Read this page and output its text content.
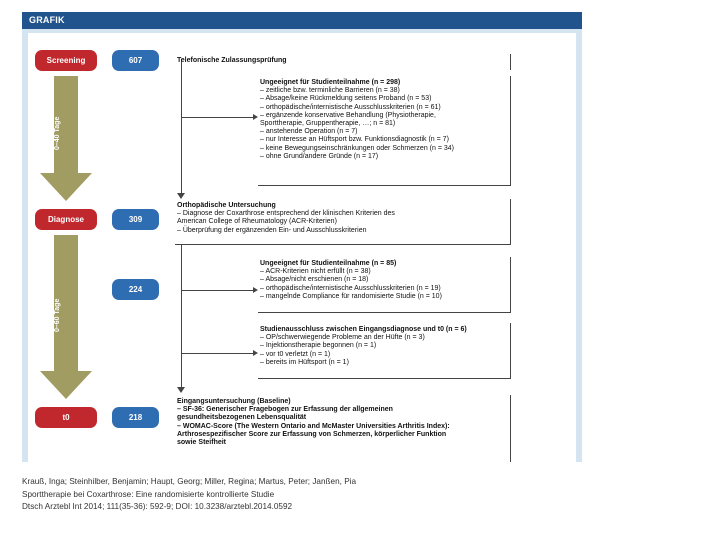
GRAFIK
Screening
Diagnose
t0
607
309
224
218
0–40 Tage
0–60 Tage
Telefonische Zulassungsprüfung
Ungeeignet für Studienteilnahme (n = 298)
– zeitliche bzw. terminliche Barrieren (n = 38)
– Absage/keine Rückmeldung seitens Proband (n = 53)
– orthopädische/internistische Ausschlusskriterien (n = 61)
– ergänzende konservative Behandlung (Physiotherapie,
Sporttherapie, Gruppentherapie, …; n = 81)
– anstehende Operation (n = 7)
– nur Interesse an Hüftsport bzw. Funktionsdiagnostik (n = 7)
– keine Bewegungseinschränkungen oder Schmerzen (n = 34)
– ohne Grund/andere Gründe (n = 17)
Orthopädische Untersuchung
– Diagnose der Coxarthrose entsprechend der klinischen Kriterien des
American College of Rheumatology (ACR-Kriterien)
– Überprüfung der ergänzenden Ein- und Ausschlusskriterien
Ungeeignet für Studienteilnahme (n = 85)
– ACR-Kriterien nicht erfüllt (n = 38)
– Absage/nicht erschienen (n = 18)
– orthopädische/internistische Ausschlusskriterien (n = 19)
– mangelnde Compliance für randomisierte Studie (n = 10)
Studienausschluss zwischen Eingangsdiagnose und t0 (n = 6)
– OP/schwerwiegende Probleme an der Hüfte (n = 3)
– Injektionstherapie begonnen (n = 1)
– vor t0 verletzt (n = 1)
– bereits im Hüftsport (n = 1)
Eingangsuntersuchung (Baseline)
– SF-36: Generischer Fragebogen zur Erfassung der allgemeinen
gesundheitsbezogenen Lebensqualität
– WOMAC-Score (The Western Ontario and McMaster Universities Arthritis Index):
Arthrosespezifischer Score zur Erfassung von Schmerzen, körperlicher Funktion
sowie Steifheit
Krauß, Inga; Steinhilber, Benjamin; Haupt, Georg; Miller, Regina; Martus, Peter; Janßen, Pia
Sporttherapie bei Coxarthrose: Eine randomisierte kontrollierte Studie
Dtsch Arztebl Int 2014; 111(35-36): 592-9; DOI: 10.3238/arztebl.2014.0592
